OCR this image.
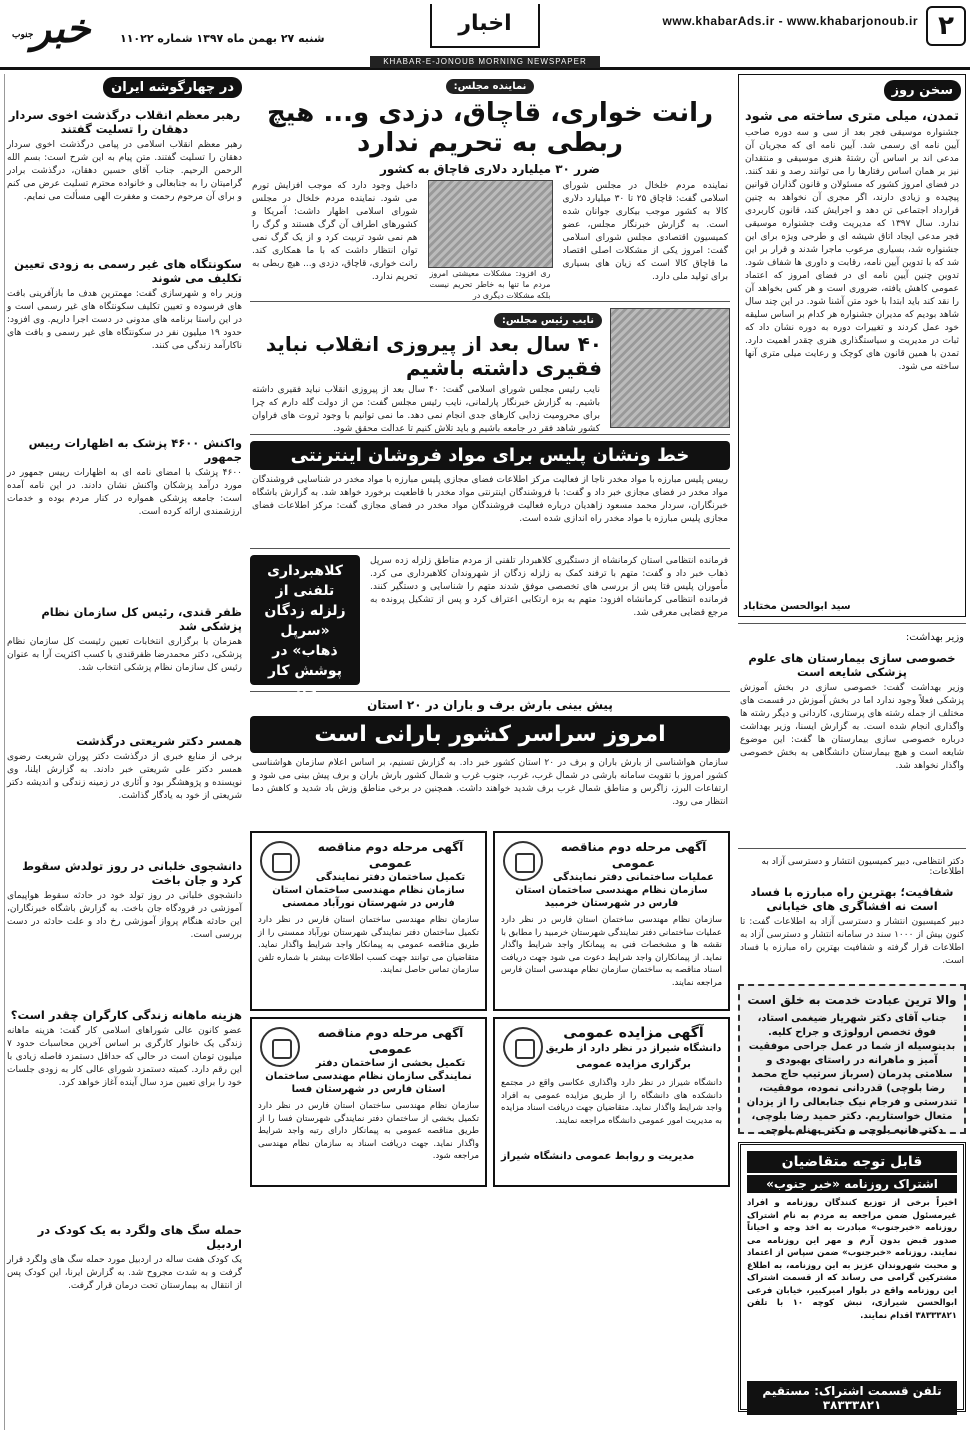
۲
www.khabarAds.ir - www.khabarjonoub.ir
اخبار
شنبه ۲۷ بهمن ماه ۱۳۹۷ شماره ۱۱۰۲۲
جنوب
خبر
KHABAR-E-JONOUB MORNING NEWSPAPER
سخن روز
تمدن، میلی متری ساخته می شود
جشنواره موسیقی فجر بعد از سی و سه دوره صاحب آیین نامه ای رسمی شد. آیین نامه ای که مجریان آن مدعی اند بر اساس آن رشتهٔ هنری موسیقی و منتقدان نیز بر همان اساس رفتارها را می توانند رصد و نقد کنند. در فضای امروز کشور که مسئولان و قانون گذاران قوانین پیچیده و زیادی دارند، اگر مجری آن نخواهد به چنین قرارداد اجتماعی تن دهد و اجرایش کند، قانون کاربردی ندارد. سال ۱۳۹۷ که مدیریت وقت جشنواره موسیقی فجر مدعی ایجاد اتاق شیشه ای و طرحی ویژه برای این جشنواره شد، بسیاری مرعوب ماجرا شدند و قرار بر این شد که با تدوین آیین نامه، رقابت و داوری ها شفاف شود. تدوین چنین آیین نامه ای در فضای امروز که اعتماد عمومی کاهش یافته، ضروری است و هر کس بخواهد آن را نقد کند باید ابتدا با خود متن آشنا شود. در این چند سال شاهد بودیم که مدیران جشنواره هر کدام بر اساس سلیقه خود عمل کردند و تغییرات دوره به دوره نشان داد که ثبات در مدیریت و سیاستگذاری هنری چقدر اهمیت دارد. تمدن با همین قانون های کوچک و رعایت میلی متری آنها ساخته می شود.
سید ابوالحسن مختاباد
وزیر بهداشت:
خصوصی سازی بیمارستان های علوم پزشکی شایعه است
وزیر بهداشت گفت: خصوصی سازی در بخش آموزش پزشکی فعلاً وجود ندارد اما در بخش آموزش در قسمت های مختلف از جمله رشته های پرستاری، کاردانی و دیگر رشته ها واگذاری انجام شده است. به گزارش ایسنا، وزیر بهداشت درباره خصوصی سازی بیمارستان ها گفت: این موضوع شایعه است و هیچ بیمارستان دانشگاهی به بخش خصوصی واگذار نخواهد شد.
دکتر انتظامی، دبیر کمیسیون انتشار و دسترسی آزاد به اطلاعات:
شفافیت؛ بهترین راه مبارزه با فساد است نه افشاگری های خیابانی
دبیر کمیسیون انتشار و دسترسی آزاد به اطلاعات گفت: تا کنون بیش از ۱۰۰۰ سند در سامانه انتشار و دسترسی آزاد به اطلاعات قرار گرفته و شفافیت بهترین راه مبارزه با فساد است.
والا ترین عبادت خدمت به خلق است
جناب آقای دکتر شهریار ضیغمی استاد، فوق تخصص ارولوژی و جراح کلیه. بدینوسیله از شما در عمل جراحی موفقیت آمیز و ماهرانه در راستای بهبودی و سلامتی پدرمان (سرباز سرتیپ حاج محمد رضا بلوچی) قدردانی نموده، موفقیت، تندرستی و فرجام نیک جنابعالی را از یزدان متعال خواستاریم. دکتر حمید رضا بلوچی، دکتر هانیه بلوچی و دکتر بهنام بلوچی
قابل توجه متقاضیان
اشتراک روزنامه «خبر جنوب»
اخیراً برخی از توزیع کنندگان روزنامه و افراد غیرمسئول ضمن مراجعه به مردم به نام اشتراک روزنامه «خبرجنوب» مبادرت به اخذ وجه و احیاناً صدور قبض بدون آرم و مهر این روزنامه می نمایند. روزنامه «خبرجنوب» ضمن سپاس از اعتماد و محبت شهروندان عزیز به این روزنامه، به اطلاع مشترکین گرامی می رساند که از قسمت اشتراک این روزنامه واقع در بلوار امیرکبیر، خیابان فرعی ابوالحسن شیرازی، نبش کوچه ۱۰ با تلفن ۳۸۳۳۳۸۲۱ اقدام نمایند.
تلفن قسمت اشتراک: مستقیم ۳۸۳۳۳۸۲۱
نماینده مجلس:
رانت خواری، قاچاق، دزدی و... هیچ ربطی به تحریم ندارد
ضرر ۳۰ میلیارد دلاری قاچاق به کشور
نماینده مردم خلخال در مجلس شورای اسلامی گفت: قاچاق ۲۵ تا ۳۰ میلیارد دلاری کالا به کشور موجب بیکاری جوانان شده است. به گزارش خبرنگار مجلس، عضو کمیسیون اقتصادی مجلس شورای اسلامی گفت: امروز یکی از مشکلات اصلی اقتصاد ما قاچاق کالا است که زیان های بسیاری برای تولید ملی دارد.
ری افزود: مشکلات معیشتی امروز مردم ما تنها به خاطر تحریم نیست بلکه مشکلات دیگری در
داخیل وجود دارد که موجب افزایش تورم می شود. نماینده مردم خلخال در مجلس شورای اسلامی اظهار داشت: آمریکا و کشورهای اطراف آن گرگ هستند و گرگ را هم نمی شود تربیت کرد و از یک گرگ نمی توان انتظار داشت که با ما همکاری کند. رانت خواری، قاچاق، دزدی و... هیچ ربطی به تحریم ندارد.
نایب رئیس مجلس:
۴۰ سال بعد از پیروزی انقلاب نباید فقیری داشته باشیم
نایب رئیس مجلس شورای اسلامی گفت: ۴۰ سال بعد از پیروزی انقلاب نباید فقیری داشته باشیم. به گزارش خبرنگار پارلمانی، نایب رئیس مجلس گفت: من از دولت گله دارم که چرا برای محرومیت زدایی کارهای جدی انجام نمی دهد. ما نمی توانیم با وجود ثروت های فراوان کشور شاهد فقر در جامعه باشیم و باید تلاش کنیم تا عدالت محقق شود.
خط ونشان پلیس برای مواد فروشان اینترنتی
رییس پلیس مبارزه با مواد مخدر ناجا از فعالیت مرکز اطلاعات فضای مجازی پلیس مبارزه با مواد مخدر در شناسایی فروشندگان مواد مخدر در فضای مجازی خبر داد و گفت: با فروشندگان اینترنتی مواد مخدر با قاطعیت برخورد خواهد شد. به گزارش باشگاه خبرنگاران، سردار محمد مسعود زاهدیان درباره فعالیت فروشندگان مواد مخدر در فضای مجازی گفت: مرکز اطلاعات فضای مجازی پلیس مبارزه با مواد مخدر راه اندازی شده است.
فرمانده انتظامی استان کرمانشاه از دستگیری کلاهبردار تلفنی از مردم مناطق زلزله زده سرپل ذهاب خبر داد و گفت: متهم با ترفند کمک به زلزله زدگان از شهروندان کلاهبرداری می کرد. مأموران پلیس فتا پس از بررسی های تخصصی موفق شدند متهم را شناسایی و دستگیر کنند. فرمانده انتظامی کرمانشاه افزود: متهم به بزه ارتکابی اعتراف کرد و پس از تشکیل پرونده به مرجع قضایی معرفی شد.
کلاهبرداری تلفنی از زلزله زدگان «سرپل ذهاب» در پوشش کار خیر
پیش بینی بارش برف و باران در ۲۰ استان
امروز سراسر کشور بارانی است
سازمان هواشناسی از بارش باران و برف در ۲۰ استان کشور خبر داد. به گزارش تسنیم، بر اساس اعلام سازمان هواشناسی کشور امروز با تقویت سامانه بارشی در شمال غرب، غرب، جنوب غرب و شمال کشور بارش باران و برف پیش بینی می شود و ارتفاعات البرز، زاگرس و مناطق شمال غرب برف شدید خواهند داشت. همچنین در برخی مناطق وزش باد شدید و کاهش دما انتظار می رود.
آگهی مرحله دوم مناقصه عمومی
عملیات ساختمانی دفتر نمایندگی سازمان نظام مهندسی ساختمان استان فارس در شهرستان خرمبید
سازمان نظام مهندسی ساختمان استان فارس در نظر دارد عملیات ساختمانی دفتر نمایندگی شهرستان خرمبید را مطابق با نقشه ها و مشخصات فنی به پیمانکار واجد شرایط واگذار نماید. از پیمانکاران واجد شرایط دعوت می شود جهت دریافت اسناد مناقصه به ساختمان سازمان نظام مهندسی استان فارس مراجعه نمایند.
آگهی مرحله دوم مناقصه عمومی
تکمیل ساختمان دفتر نمایندگی سازمان نظام مهندسی ساختمان استان فارس در شهرستان نورآباد ممسنی
سازمان نظام مهندسی ساختمان استان فارس در نظر دارد تکمیل ساختمان دفتر نمایندگی شهرستان نورآباد ممسنی را از طریق مناقصه عمومی به پیمانکار واجد شرایط واگذار نماید. متقاضیان می توانند جهت کسب اطلاعات بیشتر با شماره تلفن سازمان تماس حاصل نمایند.
آگهی مزایده عمومی
دانشگاه شیراز در نظر دارد از طریق برگزاری مزایده عمومی
دانشگاه شیراز در نظر دارد واگذاری عکاسی واقع در مجتمع دانشکده های دانشگاه را از طریق مزایده عمومی به افراد واجد شرایط واگذار نماید. متقاضیان جهت دریافت اسناد مزایده به مدیریت امور عمومی دانشگاه مراجعه نمایند.
مدیریت و روابط عمومی دانشگاه شیراز
آگهی مرحله دوم مناقصه عمومی
تکمیل بخشی از ساختمان دفتر نمایندگی سازمان نظام مهندسی ساختمان استان فارس در شهرستان فسا
سازمان نظام مهندسی ساختمان استان فارس در نظر دارد تکمیل بخشی از ساختمان دفتر نمایندگی شهرستان فسا را از طریق مناقصه عمومی به پیمانکار دارای رتبه واجد شرایط واگذار نماید. جهت دریافت اسناد به سازمان نظام مهندسی مراجعه شود.
در چهارگوشه ایران
رهبر معظم انقلاب درگذشت اخوی سردار دهقان را تسلیت گفتند
رهبر معظم انقلاب اسلامی در پیامی درگذشت اخوی سردار دهقان را تسلیت گفتند. متن پیام به این شرح است: بسم الله الرحمن الرحیم. جناب آقای حسین دهقان، درگذشت برادر گرامیتان را به جنابعالی و خانواده محترم تسلیت عرض می کنم و برای آن مرحوم رحمت و مغفرت الهی مسألت می نمایم.
سکونتگاه های غیر رسمی به زودی تعیین تکلیف می شوند
وزیر راه و شهرسازی گفت: مهمترین هدف ما بازآفرینی بافت های فرسوده و تعیین تکلیف سکونتگاه های غیر رسمی است و در این راستا برنامه های مدونی در دست اجرا داریم. وی افزود: حدود ۱۹ میلیون نفر در سکونتگاه های غیر رسمی و بافت های ناکارآمد زندگی می کنند.
واکنش ۴۶۰۰ پزشک به اظهارات رییس جمهور
۴۶۰۰ پزشک با امضای نامه ای به اظهارات رییس جمهور در مورد درآمد پزشکان واکنش نشان دادند. در این نامه آمده است: جامعه پزشکی همواره در کنار مردم بوده و خدمات ارزشمندی ارائه کرده است.
ظفر قندی، رئیس کل سازمان نظام پزشکی شد
همزمان با برگزاری انتخابات تعیین رئیست کل سازمان نظام پزشکی، دکتر محمدرضا ظفرقندی با کسب اکثریت آرا به عنوان رئیس کل سازمان نظام پزشکی انتخاب شد.
همسر دکتر شریعتی درگذشت
برخی از منابع خبری از درگذشت دکتر پوران شریعت رضوی همسر دکتر علی شریعتی خبر دادند. به گزارش ایلنا، وی نویسنده و پژوهشگر بود و آثاری در زمینه زندگی و اندیشه دکتر شریعتی از خود به یادگار گذاشت.
دانشجوی خلبانی در روز تولدش سقوط کرد و جان باخت
دانشجوی خلبانی در روز تولد خود در حادثه سقوط هواپیمای آموزشی در فرودگاه جان باخت. به گزارش باشگاه خبرنگاران، این حادثه هنگام پرواز آموزشی رخ داد و علت حادثه در دست بررسی است.
هزینه ماهانه زندگی کارگران چقدر است؟
عضو کانون عالی شوراهای اسلامی کار گفت: هزینه ماهانه زندگی یک خانوار کارگری بر اساس آخرین محاسبات حدود ۷ میلیون تومان است در حالی که حداقل دستمزد فاصله زیادی با این رقم دارد. کمیته دستمزد شورای عالی کار به زودی جلسات خود را برای تعیین مزد سال آینده آغاز خواهد کرد.
حمله سگ های ولگرد به یک کودک در اردبیل
یک کودک هفت ساله در اردبیل مورد حمله سگ های ولگرد قرار گرفت و به شدت مجروح شد. به گزارش ایرنا، این کودک پس از انتقال به بیمارستان تحت درمان قرار گرفت.
